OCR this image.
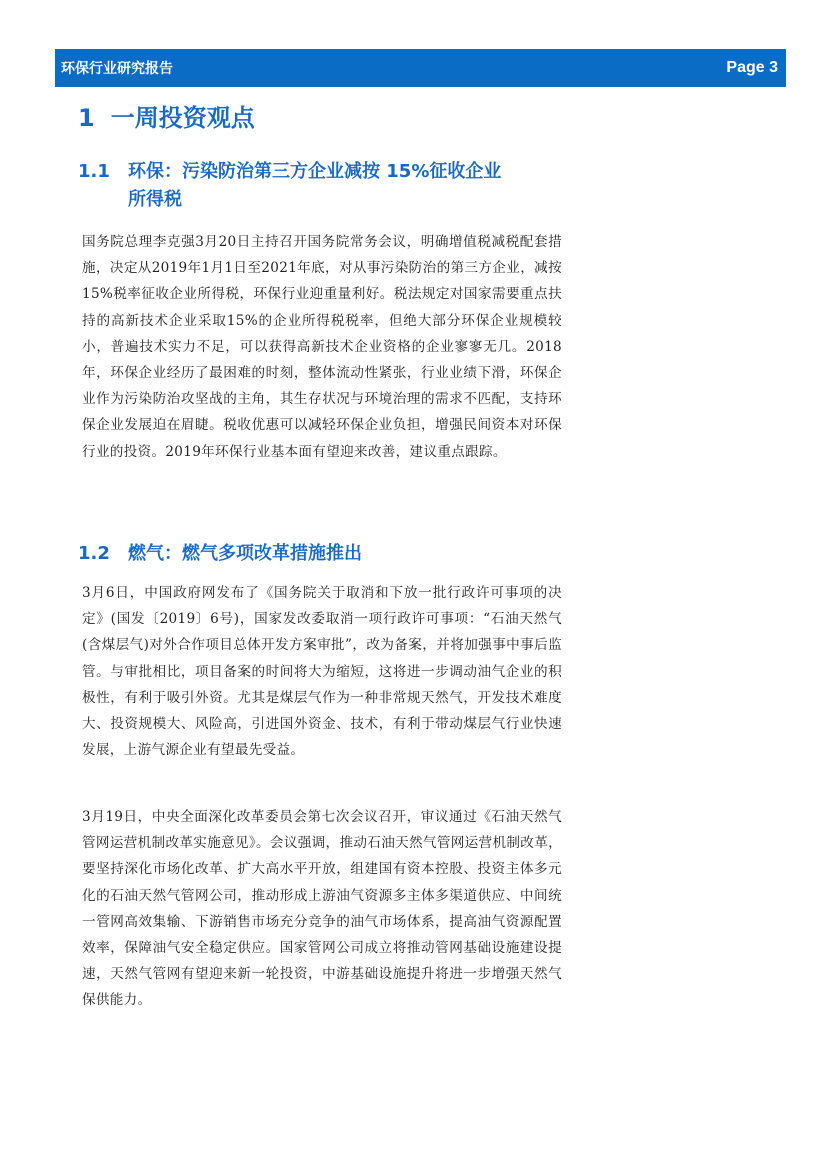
环保行业研究报告	Page 3
1 一周投资观点
1.1 环保：污染防治第三方企业减按 15%征收企业
所得税
国务院总理李克强3月20日主持召开国务院常务会议，明确增值税减税配套措施，决定从2019年1月1日至2021年底，对从事污染防治的第三方企业，减按15%税率征收企业所得税，环保行业迎重量利好。税法规定对国家需要重点扶持的高新技术企业采取15%的企业所得税税率，但绝大部分环保企业规模较小，普遍技术实力不足，可以获得高新技术企业资格的企业寥寥无几。2018年，环保企业经历了最困难的时刻，整体流动性紧张，行业业绩下滑，环保企业作为污染防治攻坚战的主角，其生存状况与环境治理的需求不匹配，支持环保企业发展迫在眉睫。税收优惠可以减轻环保企业负担，增强民间资本对环保行业的投资。2019年环保行业基本面有望迎来改善，建议重点跟踪。
1.2 燃气：燃气多项改革措施推出
3月6日，中国政府网发布了《国务院关于取消和下放一批行政许可事项的决定》(国发〔2019〕6号)，国家发改委取消一项行政许可事项：“石油天然气(含煤层气)对外合作项目总体开发方案审批”，改为备案，并将加强事中事后监管。与审批相比，项目备案的时间将大为缩短，这将进一步调动油气企业的积极性，有利于吸引外资。尤其是煤层气作为一种非常规天然气，开发技术难度大、投资规模大、风险高，引进国外资金、技术，有利于带动煤层气行业快速发展，上游气源企业有望最先受益。
3月19日，中央全面深化改革委员会第七次会议召开，审议通过《石油天然气管网运营机制改革实施意见》。会议强调，推动石油天然气管网运营机制改革，要坚持深化市场化改革、扩大高水平开放，组建国有资本控股、投资主体多元化的石油天然气管网公司，推动形成上游油气资源多主体多渠道供应、中间统一管网高效集输、下游销售市场充分竞争的油气市场体系，提高油气资源配置效率，保障油气安全稳定供应。国家管网公司成立将推动管网基础设施建设提速，天然气管网有望迎来新一轮投资，中游基础设施提升将进一步增强天然气保供能力。
